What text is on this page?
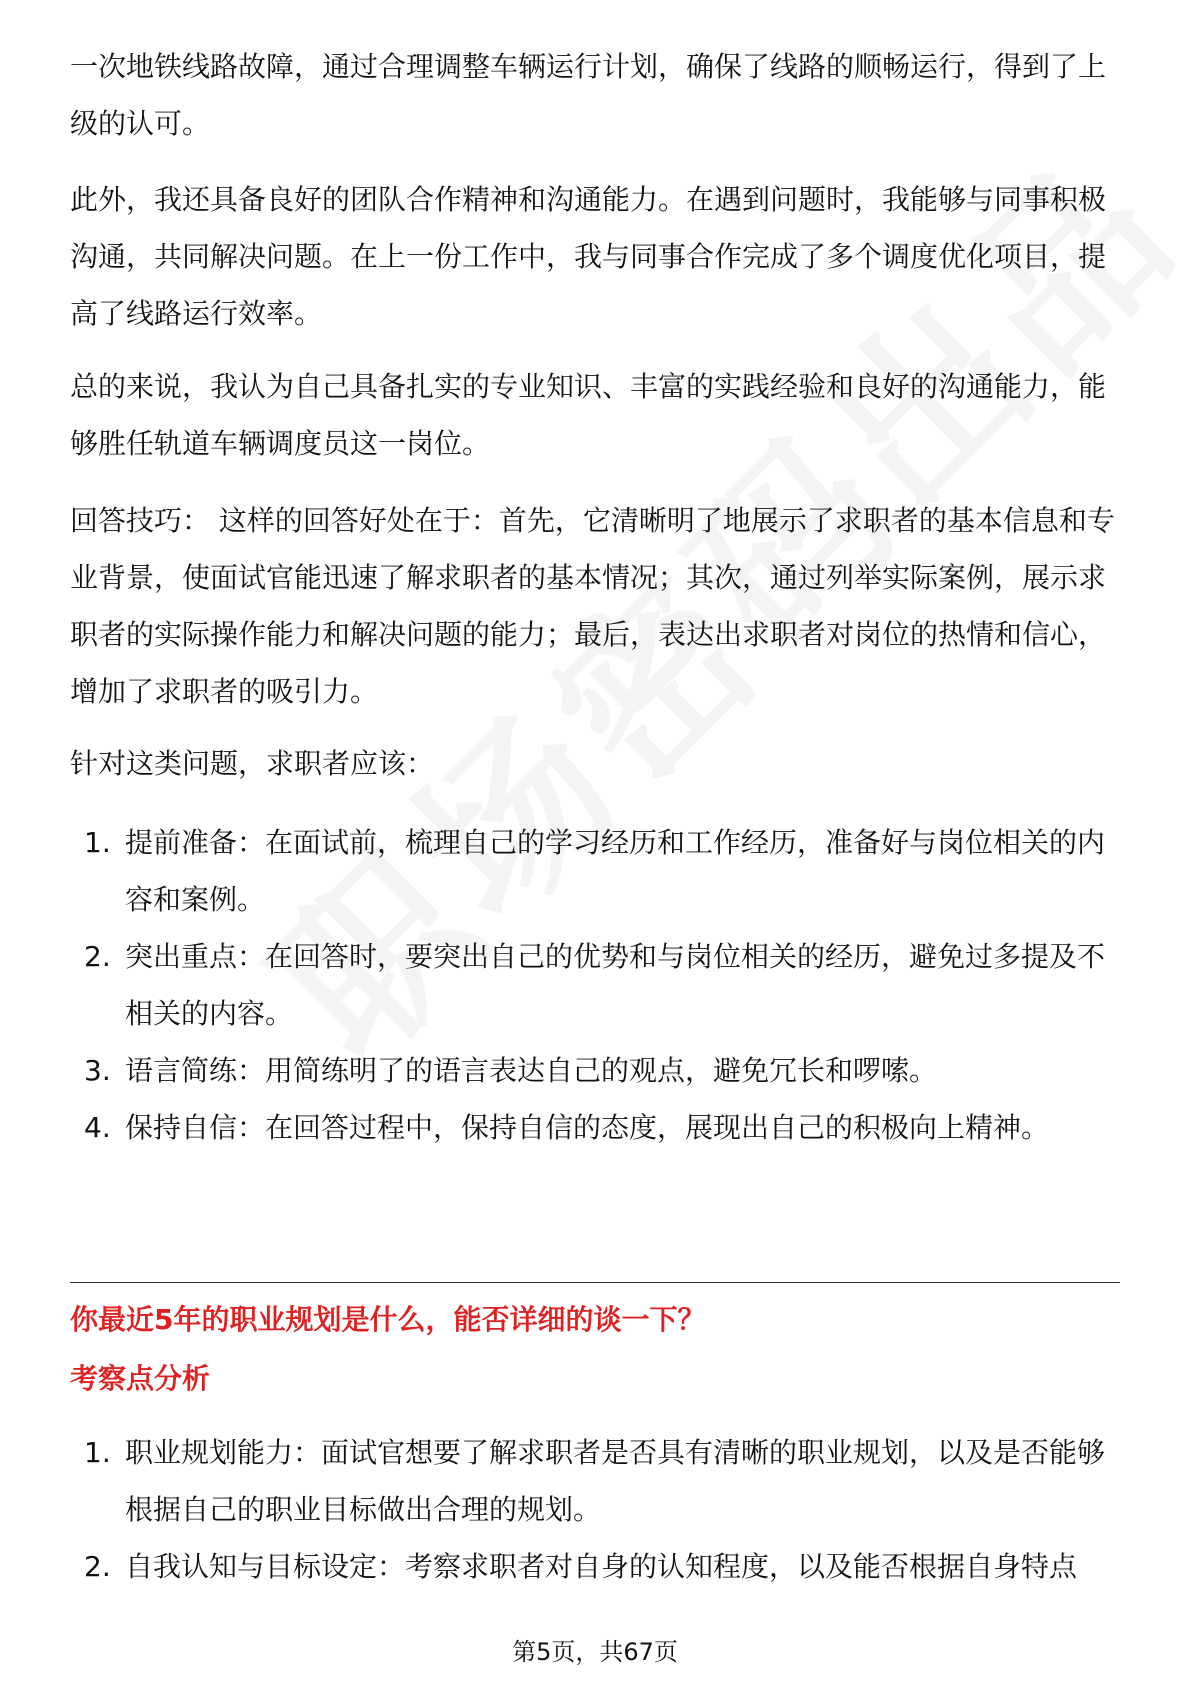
一次地铁线路故障，通过合理调整车辆运行计划，确保了线路的顺畅运行，得到了上级的认可。

此外，我还具备良好的团队合作精神和沟通能力。在遇到问题时，我能够与同事积极沟通，共同解决问题。在上一份工作中，我与同事合作完成了多个调度优化项目，提高了线路运行效率。

总的来说，我认为自己具备扎实的专业知识、丰富的实践经验和良好的沟通能力，能够胜任轨道车辆调度员这一岗位。

回答技巧： 这样的回答好处在于：首先，它清晰明了地展示了求职者的基本信息和专业背景，使面试官能迅速了解求职者的基本情况；其次，通过列举实际案例，展示求职者的实际操作能力和解决问题的能力；最后，表达出求职者对岗位的热情和信心，增加了求职者的吸引力。

针对这类问题，求职者应该：

1. 提前准备：在面试前，梳理自己的学习经历和工作经历，准备好与岗位相关的内容和案例。
2. 突出重点：在回答时，要突出自己的优势和与岗位相关的经历，避免过多提及不相关的内容。
3. 语言简练：用简练明了的语言表达自己的观点，避免冗长和啰嗦。
4. 保持自信：在回答过程中，保持自信的态度，展现出自己的积极向上精神。
你最近5年的职业规划是什么，能否详细的谈一下？
考察点分析
1. 职业规划能力：面试官想要了解求职者是否具有清晰的职业规划，以及是否能够根据自己的职业目标做出合理的规划。
2. 自我认知与目标设定：考察求职者对自身的认知程度，以及能否根据自身特点
第5页，共67页
